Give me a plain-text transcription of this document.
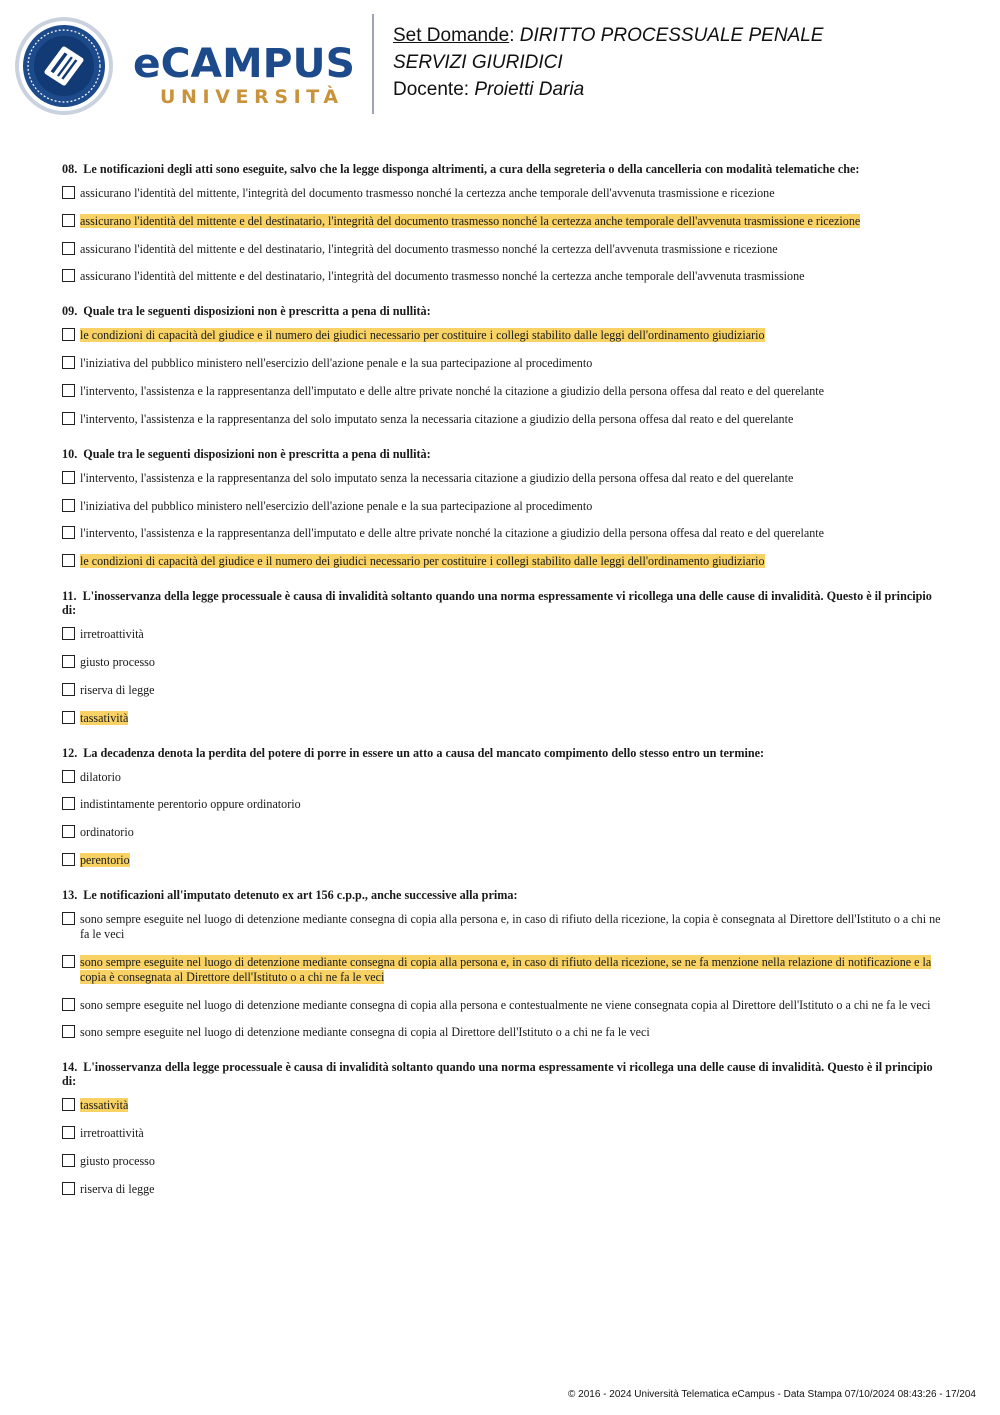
eCAMPUS
UNIVERSITÀ
Set Domande: DIRITTO PROCESSUALE PENALE
SERVIZI GIURIDICI
Docente: Proietti Daria
08. Le notificazioni degli atti sono eseguite, salvo che la legge disponga altrimenti, a cura della segreteria o della cancelleria con modalità telematiche che:
assicurano l'identità del mittente, l'integrità del documento trasmesso nonché la certezza anche temporale dell'avvenuta trasmissione e ricezione
assicurano l'identità del mittente e del destinatario, l'integrità del documento trasmesso nonché la certezza anche temporale dell'avvenuta trasmissione e ricezione
assicurano l'identità del mittente e del destinatario, l'integrità del documento trasmesso nonché la certezza dell'avvenuta trasmissione e ricezione
assicurano l'identità del mittente e del destinatario, l'integrità del documento trasmesso nonché la certezza anche temporale dell'avvenuta trasmissione
09. Quale tra le seguenti disposizioni non è prescritta a pena di nullità:
le condizioni di capacità del giudice e il numero dei giudici necessario per costituire i collegi stabilito dalle leggi dell'ordinamento giudiziario
l'iniziativa del pubblico ministero nell'esercizio dell'azione penale e la sua partecipazione al procedimento
l'intervento, l'assistenza e la rappresentanza dell'imputato e delle altre private nonché la citazione a giudizio della persona offesa dal reato e del querelante
l'intervento, l'assistenza e la rappresentanza del solo imputato senza la necessaria citazione a giudizio della persona offesa dal reato e del querelante
10. Quale tra le seguenti disposizioni non è prescritta a pena di nullità:
l'intervento, l'assistenza e la rappresentanza del solo imputato senza la necessaria citazione a giudizio della persona offesa dal reato e del querelante
l'iniziativa del pubblico ministero nell'esercizio dell'azione penale e la sua partecipazione al procedimento
l'intervento, l'assistenza e la rappresentanza dell'imputato e delle altre private nonché la citazione a giudizio della persona offesa dal reato e del querelante
le condizioni di capacità del giudice e il numero dei giudici necessario per costituire i collegi stabilito dalle leggi dell'ordinamento giudiziario
11. L'inosservanza della legge processuale è causa di invalidità soltanto quando una norma espressamente vi ricollega una delle cause di invalidità. Questo è il principio di:
irretroattività
giusto processo
riserva di legge
tassatività
12. La decadenza denota la perdita del potere di porre in essere un atto a causa del mancato compimento dello stesso entro un termine:
dilatorio
indistintamente perentorio oppure ordinatorio
ordinatorio
perentorio
13. Le notificazioni all'imputato detenuto ex art 156 c.p.p., anche successive alla prima:
sono sempre eseguite nel luogo di detenzione mediante consegna di copia alla persona e, in caso di rifiuto della ricezione, la copia è consegnata al Direttore dell'Istituto o a chi ne fa le veci
sono sempre eseguite nel luogo di detenzione mediante consegna di copia alla persona e, in caso di rifiuto della ricezione, se ne fa menzione nella relazione di notificazione e la copia è consegnata al Direttore dell'Istituto o a chi ne fa le veci
sono sempre eseguite nel luogo di detenzione mediante consegna di copia alla persona e contestualmente ne viene consegnata copia al Direttore dell'Istituto o a chi ne fa le veci
sono sempre eseguite nel luogo di detenzione mediante consegna di copia al Direttore dell'Istituto o a chi ne fa le veci
14. L'inosservanza della legge processuale è causa di invalidità soltanto quando una norma espressamente vi ricollega una delle cause di invalidità. Questo è il principio di:
tassatività
irretroattività
giusto processo
riserva di legge
© 2016 - 2024 Università Telematica eCampus - Data Stampa 07/10/2024 08:43:26 - 17/204
